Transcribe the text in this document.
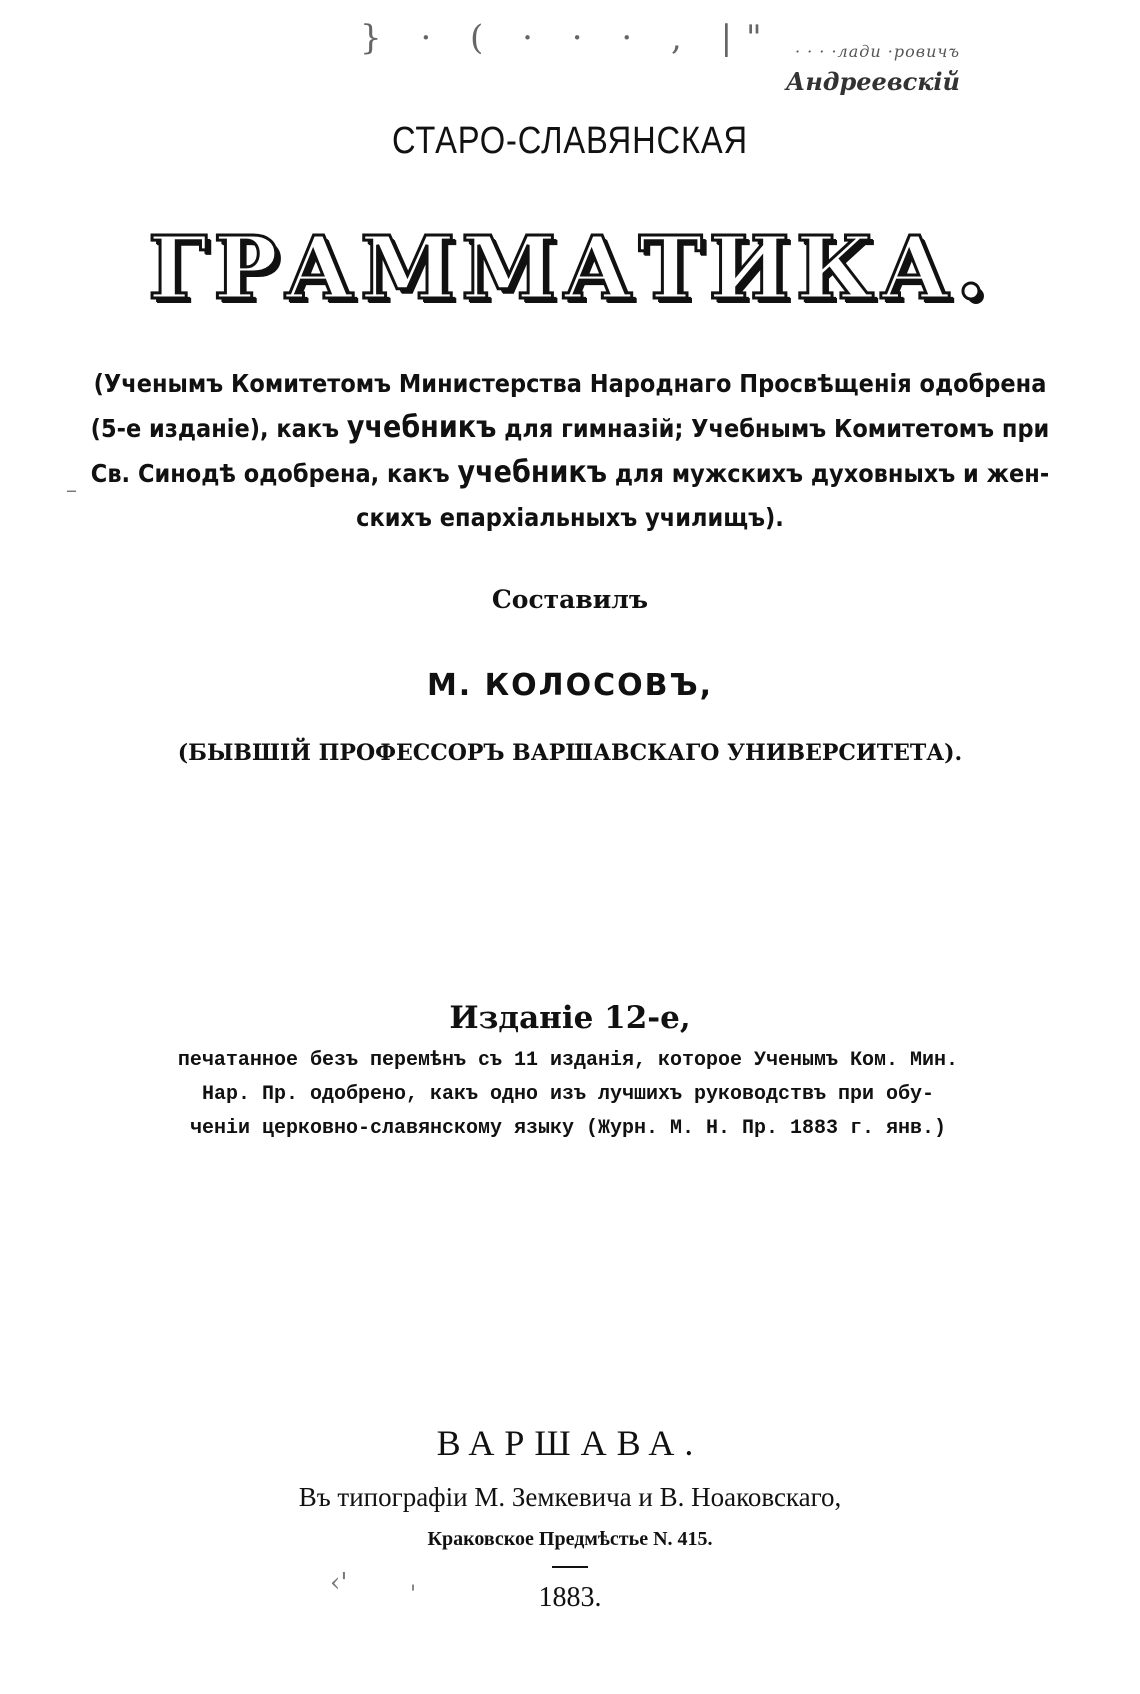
} · ( · · · , |"	· · · ·лади ·ровичъ
Андреевскій
СТАРО-СЛАВЯНСКАЯ
ГРАММАТИКА.
(Ученымъ Комитетомъ Министерства Народнаго Просвѣщенія одобрена
(5-е изданіе), какъ учебникъ для гимназій; Учебнымъ Комитетомъ при
Св. Синодѣ одобрена, какъ учебникъ для мужскихъ духовныхъ и жен-
скихъ епархіальныхъ училищъ).
Составилъ
М. КОЛОСОВЪ,
(БЫВШІЙ ПРОФЕССОРЪ ВАРШАВСКАГО УНИВЕРСИТЕТА).
Изданіе 12-е,
печатанное безъ перемѣнъ съ 11 изданія, которое Ученымъ Ком. Мин.
Нар. Пр. одобрено, какъ одно изъ лучшихъ руководствъ при обу-
ченіи церковно-славянскому языку (Журн. М. Н. Пр. 1883 г. янв.)
ВАРШАВА.
Въ типографіи М. Земкевича и В. Ноаковскаго,
Краковское Предмѣстье N. 415.
1883.
–
‹'	'
